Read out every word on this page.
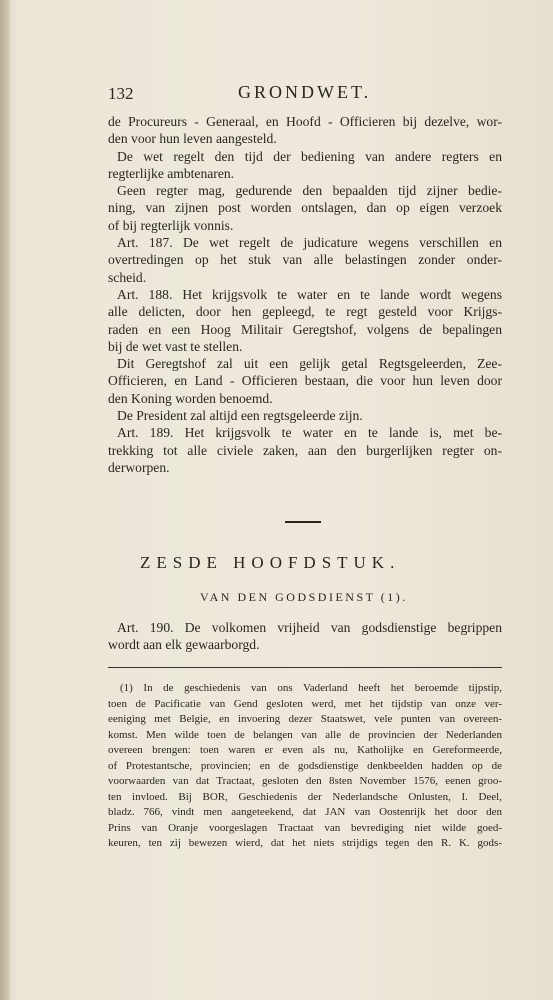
132	GRONDWET.
de Procureurs - Generaal, en Hoofd - Officieren bij dezelve, wor-
den voor hun leven aangesteld.
De wet regelt den tijd der bediening van andere regters en
regterlijke ambtenaren.
Geen regter mag, gedurende den bepaalden tijd zijner bedie-
ning, van zijnen post worden ontslagen, dan op eigen verzoek
of bij regterlijk vonnis.
Art. 187. De wet regelt de judicature wegens verschillen en
overtredingen op het stuk van alle belastingen zonder onder-
scheid.
Art. 188. Het krijgsvolk te water en te lande wordt wegens
alle delicten, door hen gepleegd, te regt gesteld voor Krijgs-
raden en een Hoog Militair Geregtshof, volgens de bepalingen
bij de wet vast te stellen.
Dit Geregtshof zal uit een gelijk getal Regtsgeleerden, Zee-
Officieren, en Land - Officieren bestaan, die voor hun leven door
den Koning worden benoemd.
De President zal altijd een regtsgeleerde zijn.
Art. 189. Het krijgsvolk te water en te lande is, met be-
trekking tot alle civiele zaken, aan den burgerlijken regter on-
derworpen.
ZESDE HOOFDSTUK.
VAN DEN GODSDIENST (1).
Art. 190. De volkomen vrijheid van godsdienstige begrippen
wordt aan elk gewaarborgd.
(1) In de geschiedenis van ons Vaderland heeft het beroemde tijpstip,
toen de Pacificatie van Gend gesloten werd, met het tijdstip van onze ver-
eeniging met Belgie, en invoering dezer Staatswet, vele punten van overeen-
komst. Men wilde toen de belangen van alle de provincien der Nederlanden
overeen brengen: toen waren er even als nu, Katholijke en Gereformeerde,
of Protestantsche, provincien; en de godsdienstige denkbeelden hadden op de
voorwaarden van dat Tractaat, gesloten den 8sten November 1576, eenen groo-
ten invloed. Bij BOR, Geschiedenis der Nederlandsche Onlusten, I. Deel,
bladz. 766, vindt men aangeteekend, dat JAN van Oostenrijk het door den
Prins van Oranje voorgeslagen Tractaat van bevrediging niet wilde goed-
keuren, ten zij bewezen wierd, dat het niets strijdigs tegen den R. K. gods-
